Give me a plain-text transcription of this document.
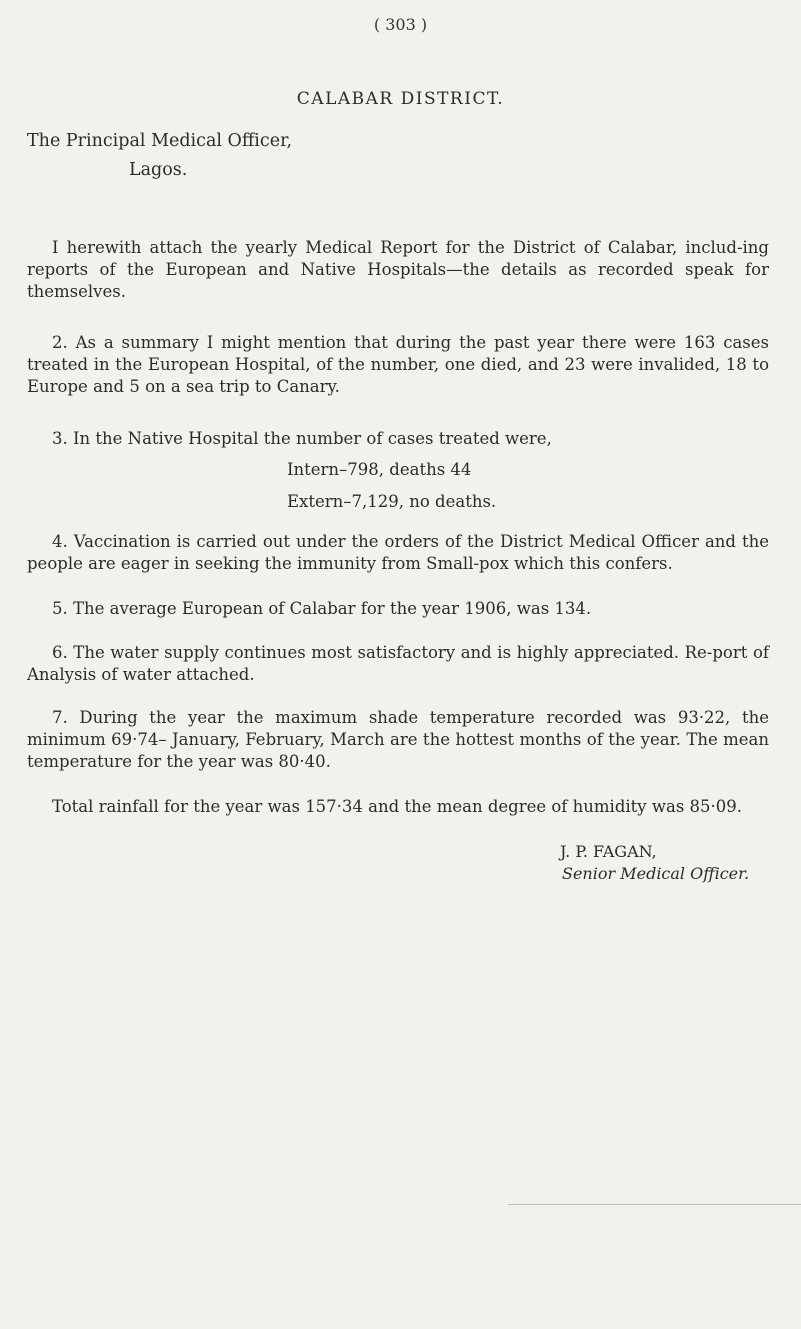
( 303 )
CALABAR DISTRICT.
The Principal Medical Officer,
Lagos.
I herewith attach the yearly Medical Report for the District of Calabar, includ-ing reports of the European and Native Hospitals—the details as recorded speak for themselves.
2. As a summary I might mention that during the past year there were 163 cases treated in the European Hospital, of the number, one died, and 23 were invalided, 18 to Europe and 5 on a sea trip to Canary.
3. In the Native Hospital the number of cases treated were,
Intern–798, deaths 44
Extern–7,129, no deaths.
4. Vaccination is carried out under the orders of the District Medical Officer and the people are eager in seeking the immunity from Small-pox which this confers.
5. The average European of Calabar for the year 1906, was 134.
6. The water supply continues most satisfactory and is highly appreciated. Re-port of Analysis of water attached.
7. During the year the maximum shade temperature recorded was 93·22, the minimum 69·74– January, February, March are the hottest months of the year. The mean temperature for the year was 80·40.
Total rainfall for the year was 157·34 and the mean degree of humidity was 85·09.
J. P. FAGAN,
Senior Medical Officer.
